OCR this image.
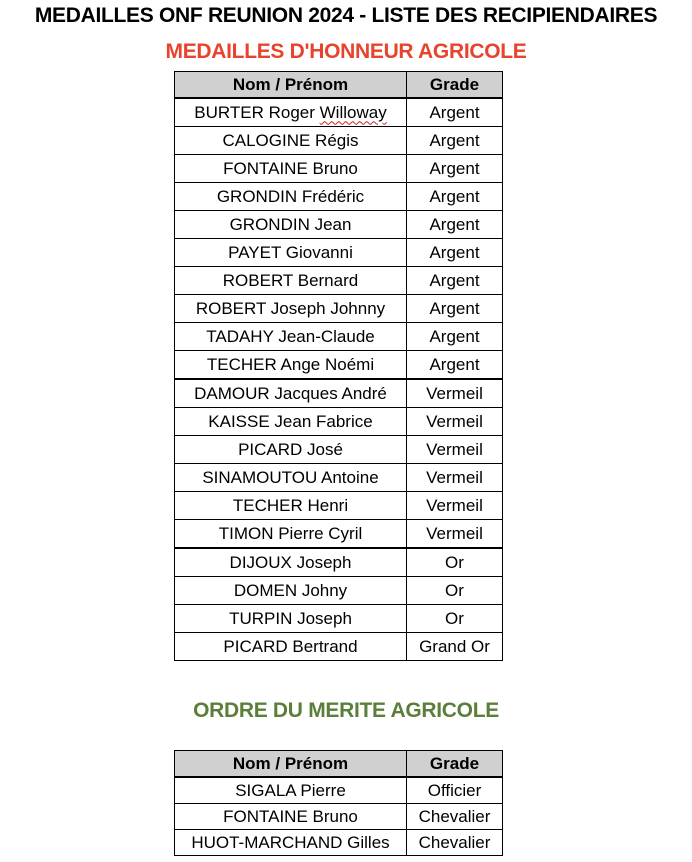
MEDAILLES ONF REUNION 2024 - LISTE DES RECIPIENDAIRES
MEDAILLES D'HONNEUR AGRICOLE
Nom / Prénom	Grade
BURTER Roger Willoway	Argent
CALOGINE Régis	Argent
FONTAINE Bruno	Argent
GRONDIN Frédéric	Argent
GRONDIN Jean	Argent
PAYET Giovanni	Argent
ROBERT Bernard	Argent
ROBERT Joseph Johnny	Argent
TADAHY Jean-Claude	Argent
TECHER Ange Noémi	Argent
DAMOUR Jacques André	Vermeil
KAISSE Jean Fabrice	Vermeil
PICARD José	Vermeil
SINAMOUTOU Antoine	Vermeil
TECHER Henri	Vermeil
TIMON Pierre Cyril	Vermeil
DIJOUX Joseph	Or
DOMEN Johny	Or
TURPIN Joseph	Or
PICARD Bertrand	Grand Or
ORDRE DU MERITE AGRICOLE
Nom / Prénom	Grade
SIGALA Pierre	Officier
FONTAINE Bruno	Chevalier
HUOT-MARCHAND Gilles	Chevalier
